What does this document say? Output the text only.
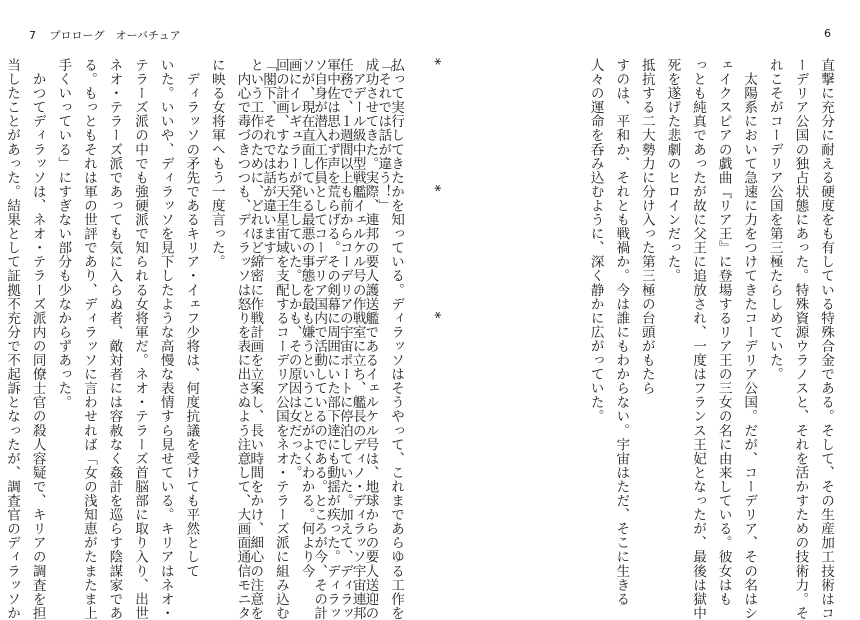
7 プロローグ　オーバチュア
払って実行してきたかを知っている。ディラッソはそうやって、これまであらゆる工作を
成功させてきた。実際、連邦の要人護送艦であるイェルケル号は、地球からの要人送迎の
任務で、１週間以上も前からコーデリアの宇宙ポートに停泊していた。加えて、ディラッ
ソ自身が潜入工作員としてコーデリア国内で活動しているのである。ところが今、その計
画にイレギュラーが発生していた。しかも、その原因は女だった。
「閣下、それでは話が違います」
　内心で毒づきつつも、ディラッソは怒りを表に出さぬよう注意して、大画面通信モニタ
に映る女将軍へもう一度言った。
　ディラッソの矛先であるキリア・イェフ少将は、何度抗議を受けても平然として
いた。いいや、ディラッソを見下したような高慢な表情すら見せている。キリアはネオ・
テラーズ派の中でも強硬派で知られる女将軍だ。ネオ・テラーズ首脳部に取り入り、出世
ネオ・テラーズ派であっても気に入らぬ者、敵対者には容赦なく姦計を巡らす陰謀家であ
る。もっともそれは軍の世評であり、ディラッソに言わせれば「女の浅知恵がたまたま上
手くいっている」にすぎない部分も少なからずあった。
　かつてディラッソは、ネオ・テラーズ派内の同僚士官の殺人容疑で、キリアの調査を担
当したことがあった。結果として証拠不充分で不起訴となったが、調査官のディラッソか
6
直撃に充分に耐える硬度をも有している特殊合金である。そして、その生産加工技術はコ
ーデリア公国の独占状態にあった。特殊資源ウラノスと、それを活かすための技術力。そ
れこそがコーデリア公国を第三極たらしめていた。
　太陽系において急速に力をつけてきたコーデリア公国。だが、コーデリア、その名はシ
ェイクスピアの戯曲『リア王』に登場するリア王の三女の名に由来している。彼女はも
っとも純真であったが故に父王に追放され、一度はフランス王妃となったが、最後は獄中
死を遂げた悲劇のヒロインだった。
抵抗する二大勢力に分け入った第三極の台頭がもたら
すのは、平和か、それとも戦禍か。今は誰にもわからない。宇宙はただ、そこに生きる
人々の運命を呑み込むように、深く静かに広がっていた。

***

「それでは話が違う！」
　アデール級中型戦艦イェルケル号の作戦室に立ち、艦長のディノ・ディラッソ宇宙連邦
軍中佐は思わず声を荒らげる。その剣幕に周囲にいた部下達にも動揺が疾った。ディラッ
ソが、現在直面している最悪の事態を最も嫌うということがよくわかる。何より今
回の計画、すなわち天王星宙域を支配するコーデリア公国をネオ・テラーズ派に組み込む
という工作のために、どれほど綿密に作戦計画を立案し、長い時間をかけ、細心の注意を
